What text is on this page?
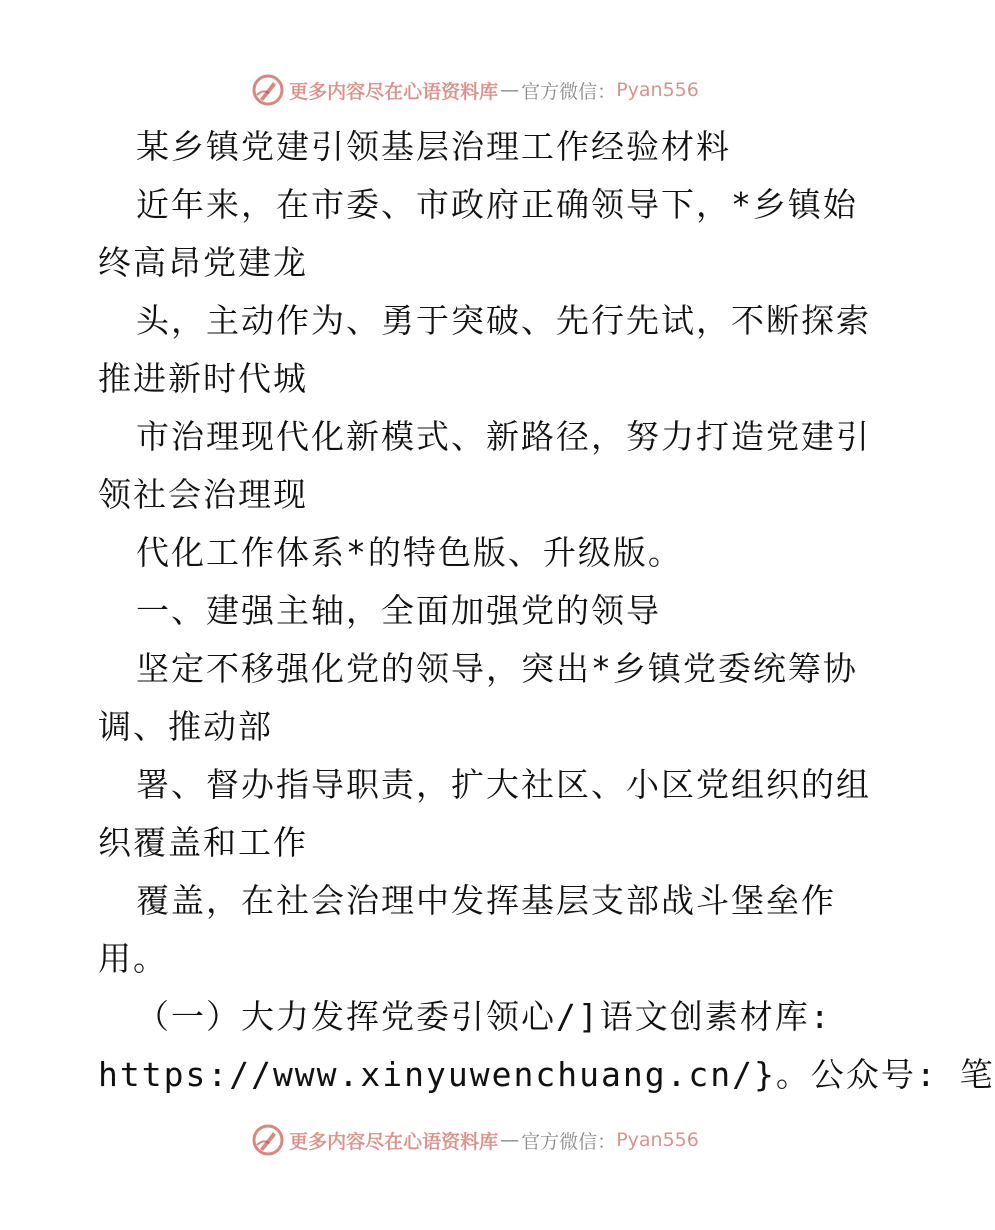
更多内容尽在心语资料库 — 官方微信： Pyan556
某乡镇党建引领基层治理工作经验材料
近年来，在市委、市政府正确领导下，*乡镇始
终高昂党建龙
头，主动作为、勇于突破、先行先试，不断探索
推进新时代城
市治理现代化新模式、新路径，努力打造党建引
领社会治理现
代化工作体系*的特色版、升级版。
一、建强主轴，全面加强党的领导
坚定不移强化党的领导，突出*乡镇党委统筹协
调、推动部
署、督办指导职责，扩大社区、小区党组织的组
织覆盖和工作
覆盖，在社会治理中发挥基层支部战斗堡垒作
用。
（一）大力发挥党委引领心/]语文创素材库:
https://www.xinyuwenchuang.cn/}。公众号: 笔
更多内容尽在心语资料库 — 官方微信： Pyan556
